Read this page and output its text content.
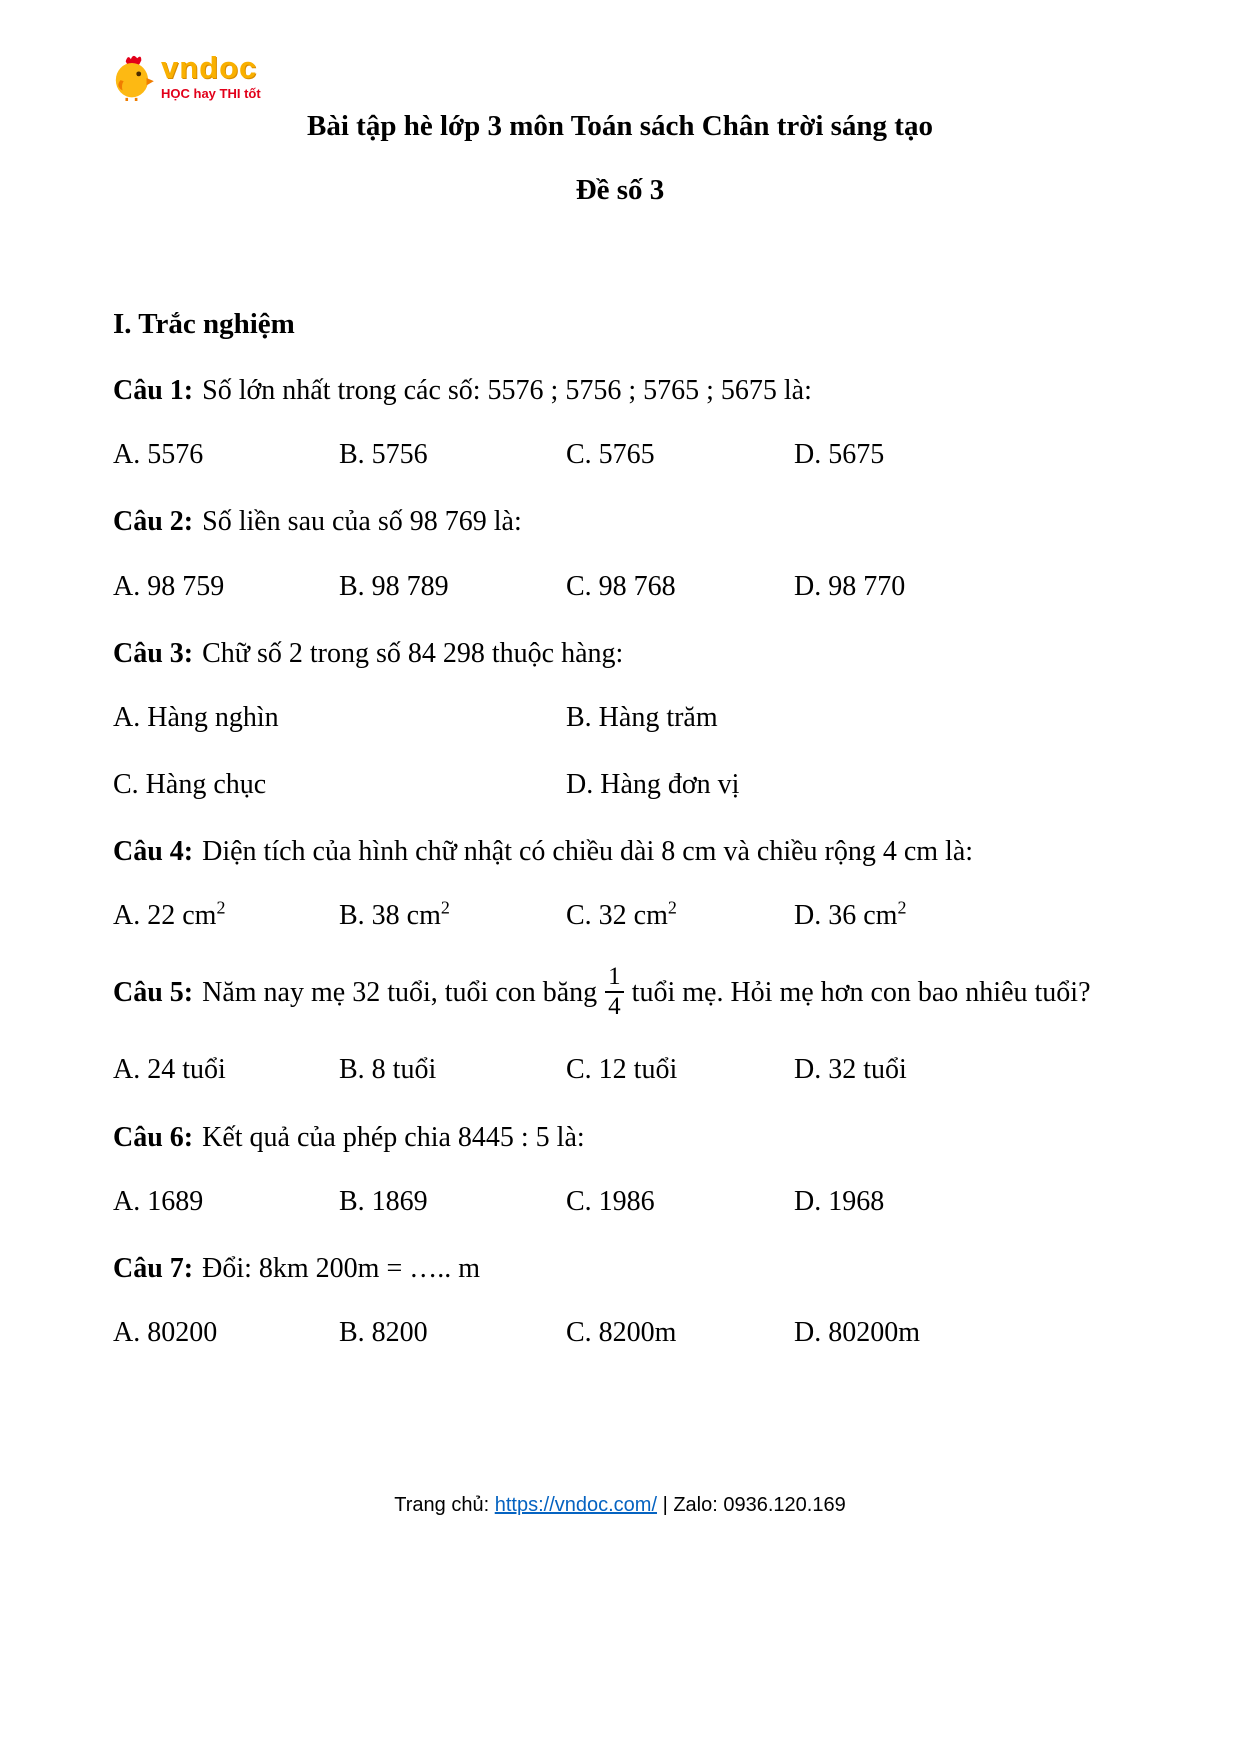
vndoc
HỌC hay THI tốt
Bài tập hè lớp 3 môn Toán sách Chân trời sáng tạo
Đề số 3
I. Trắc nghiệm

Câu 1: Số lớn nhất trong các số: 5576 ; 5756 ; 5765 ; 5675 là:

A. 5576	B. 5756	C. 5765	D. 5675

Câu 2: Số liền sau của số 98 769 là:

A. 98 759	B. 98 789	C. 98 768	D. 98 770

Câu 3: Chữ số 2 trong số 84 298 thuộc hàng:

A. Hàng nghìn	B. Hàng trăm
C. Hàng chục	D. Hàng đơn vị

Câu 4: Diện tích của hình chữ nhật có chiều dài 8 cm và chiều rộng 4 cm là:

A. 22 $cm^2$	B. 38 $cm^2$	C. 32 $cm^2$	D. 36 $cm^2$

Câu 5: Năm nay mẹ 32 tuổi, tuổi con băng $\frac{1}{4}$ tuổi mẹ. Hỏi mẹ hơn con bao nhiêu tuổi?

A. 24 tuổi	B. 8 tuổi	C. 12 tuổi	D. 32 tuổi

Câu 6: Kết quả của phép chia 8445 : 5 là:

A. 1689	B. 1869	C. 1986	D. 1968

Câu 7: Đổi: 8km 200m = ….. m

A. 80200	B. 8200	C. 8200m	D. 80200m
Trang chủ: https://vndoc.com/ | Zalo: 0936.120.169
